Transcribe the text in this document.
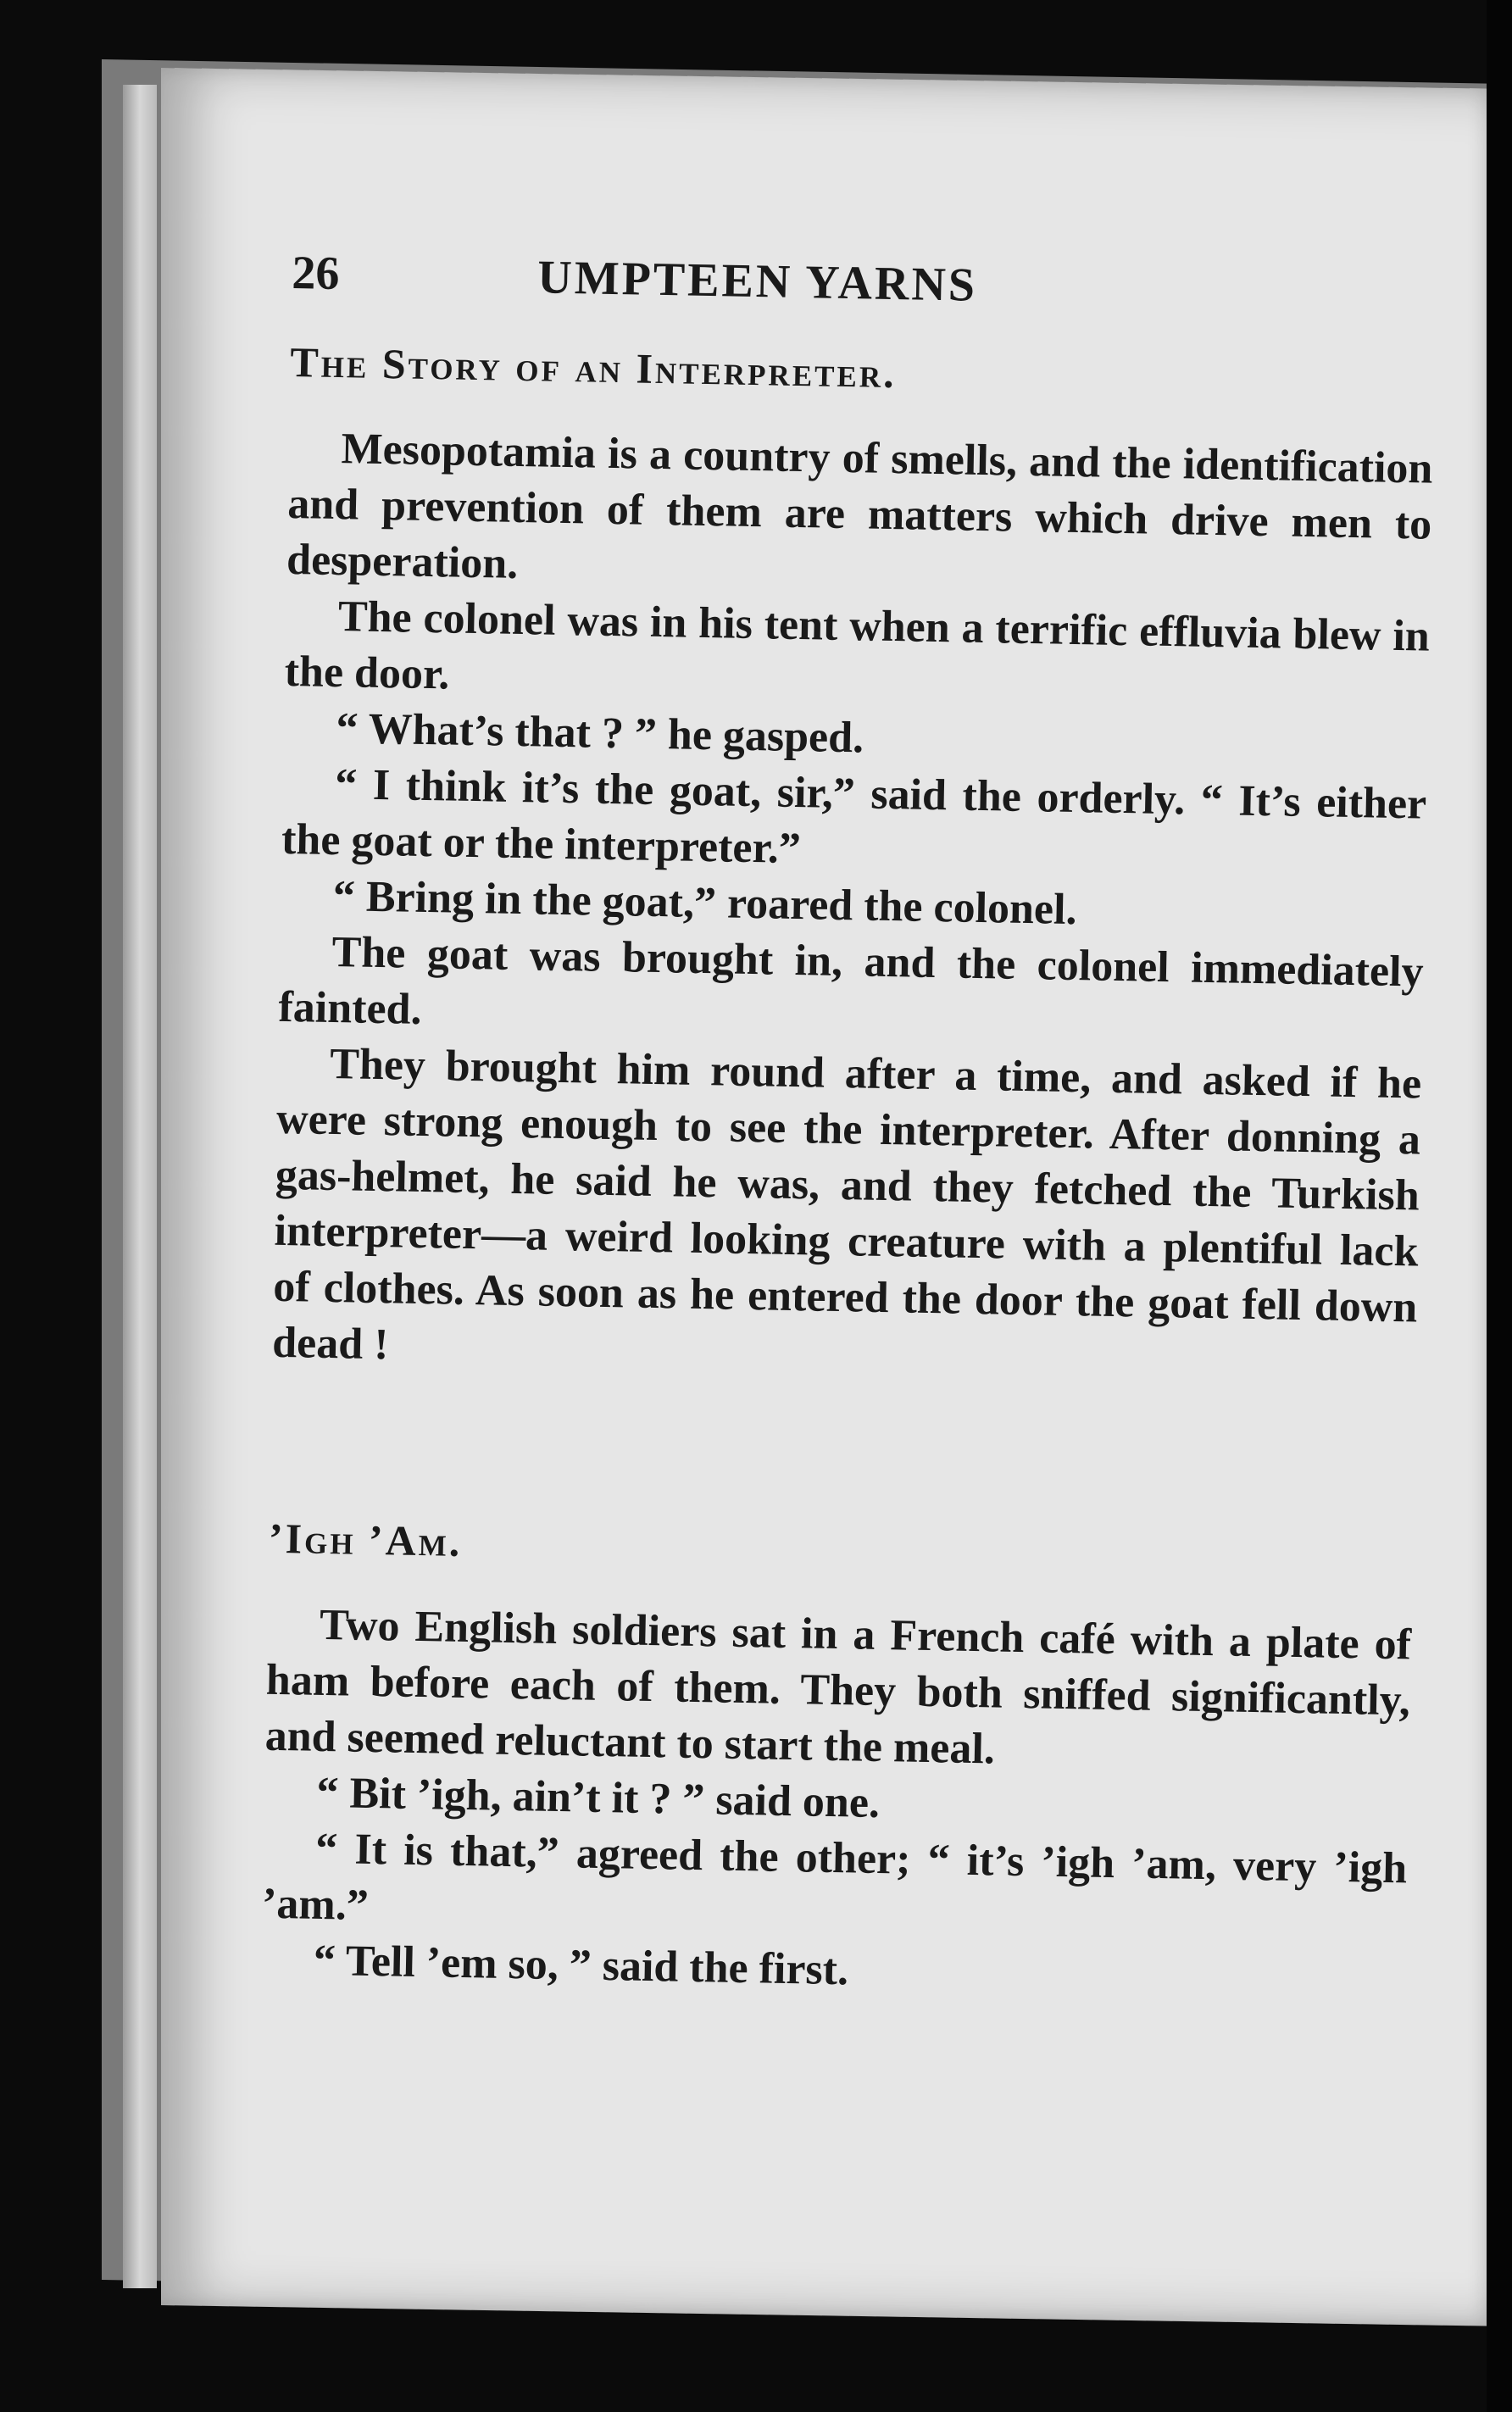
26	UMPTEEN YARNS
The Story of an Interpreter.

Mesopotamia is a country of smells, and the identification and prevention of them are matters which drive men to desperation.

The colonel was in his tent when a terrific effluvia blew in the door.

“ What’s that ? ” he gasped.

“ I think it’s the goat, sir,” said the orderly. “ It’s either the goat or the interpreter.”

“ Bring in the goat,” roared the colonel.

The goat was brought in, and the colonel immediately fainted.

They brought him round after a time, and asked if he were strong enough to see the interpreter. After donning a gas-helmet, he said he was, and they fetched the Turkish interpreter—a weird looking creature with a plentiful lack of clothes. As soon as he entered the door the goat fell down dead !

’Igh ’Am.

Two English soldiers sat in a French café with a plate of ham before each of them. They both sniffed significantly, and seemed reluctant to start the meal.

“ Bit ’igh, ain’t it ? ” said one.

“ It is that,” agreed the other; “ it’s ’igh ’am, very ’igh ’am.”

“ Tell ’em so, ” said the first.
